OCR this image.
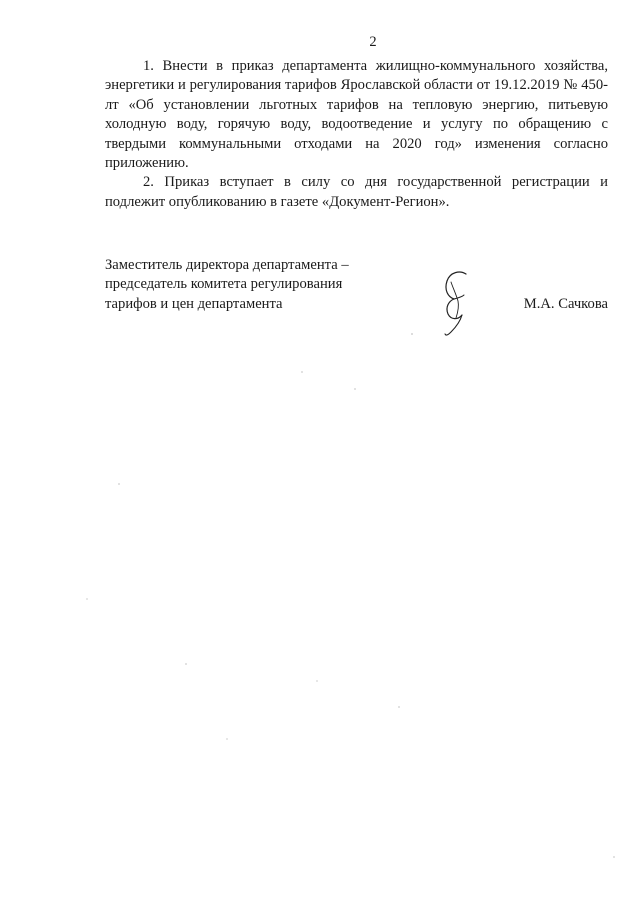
2

1. Внести в приказ департамента жилищно-коммунального хозяйства, энергетики и регулирования тарифов Ярославской области от 19.12.2019 № 450-лт «Об установлении льготных тарифов на тепловую энергию, питьевую холодную воду, горячую воду, водоотведение и услугу по обращению с твердыми коммунальными отходами на 2020 год» изменения согласно приложению.

2. Приказ вступает в силу со дня государственной регистрации и подлежит опубликованию в газете «Документ-Регион».

Заместитель директора департамента –
председатель комитета регулирования
тарифов и цен департамента	М.А. Сачкова
